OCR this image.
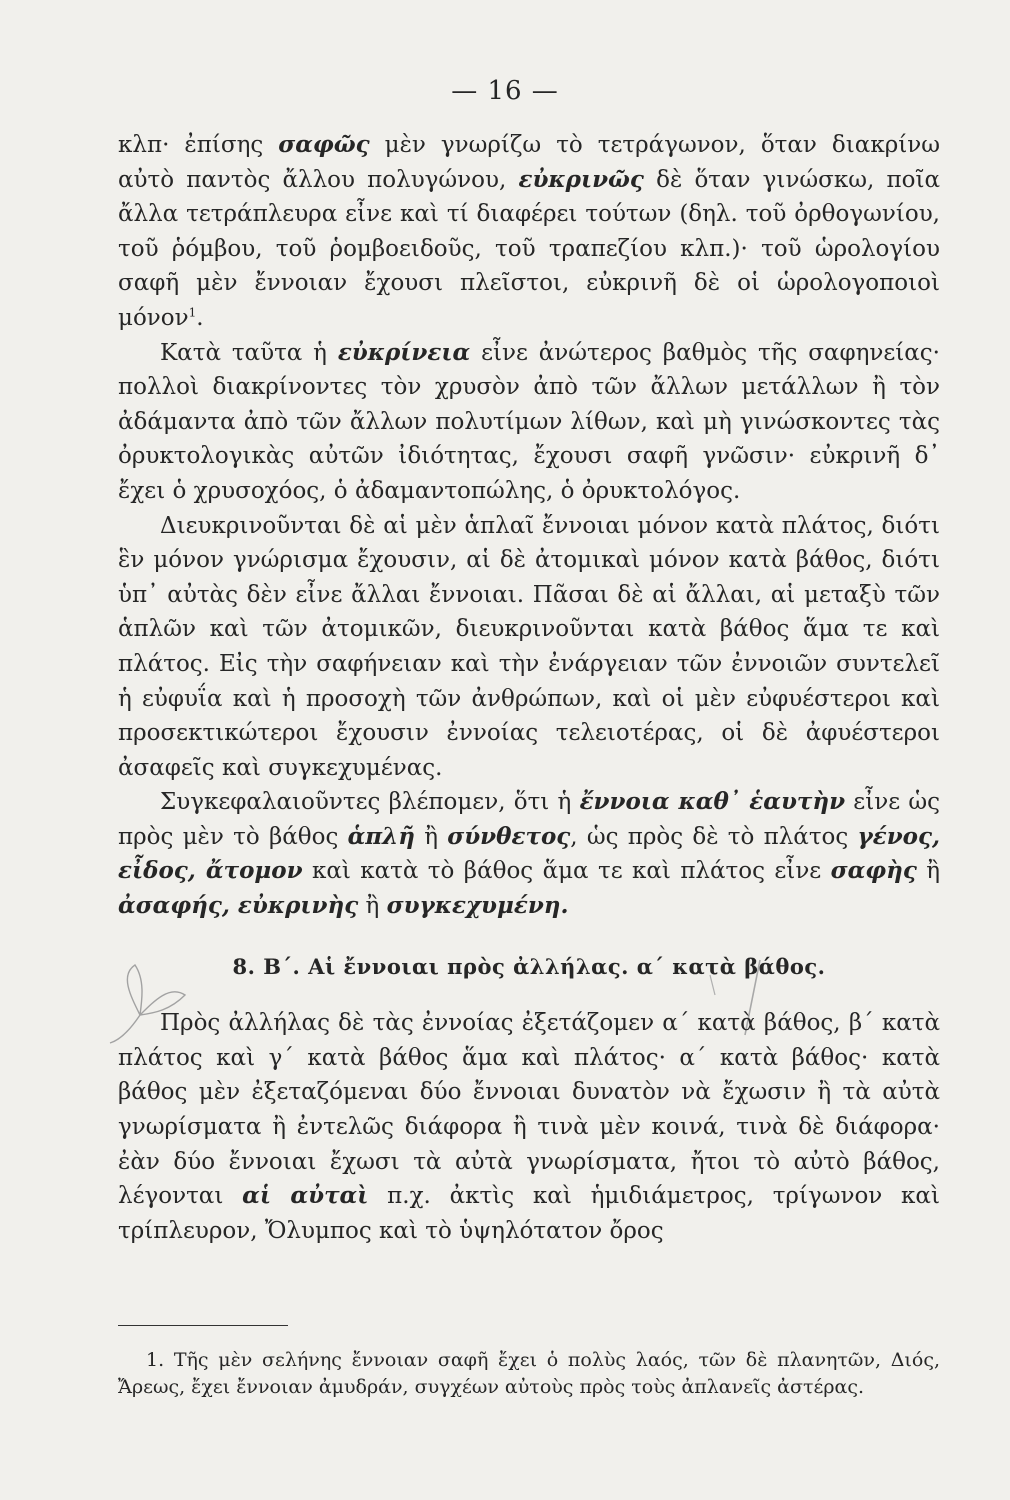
— 16 —

κλπ· ἐπίσης σαφῶς μὲν γνωρίζω τὸ τετράγωνον, ὅταν διακρίνω αὐτὸ παντὸς ἄλλου πολυγώνου, εὐκρινῶς δὲ ὅταν γινώσκω, ποῖα ἄλλα τετράπλευρα εἶνε καὶ τί διαφέρει τούτων (δηλ. τοῦ ὀρθογωνίου, τοῦ ῥόμβου, τοῦ ῥομβοειδοῦς, τοῦ τραπεζίου κλπ.)· τοῦ ὡρολογίου σαφῆ μὲν ἔννοιαν ἔχουσι πλεῖστοι, εὐκρινῆ δὲ οἱ ὡρολογοποιοὶ μόνον$^1$.

Κατὰ ταῦτα ἡ εὐκρίνεια εἶνε ἀνώτερος βαθμὸς τῆς σαφηνείας· πολλοὶ διακρίνοντες τὸν χρυσὸν ἀπὸ τῶν ἄλλων μετάλλων ἢ τὸν ἀδάμαντα ἀπὸ τῶν ἄλλων πολυτίμων λίθων, καὶ μὴ γινώσκοντες τὰς ὀρυκτολογικὰς αὐτῶν ἰδιότητας, ἔχουσι σαφῆ γνῶσιν· εὐκρινῆ δ᾽ ἔχει ὁ χρυσοχόος, ὁ ἀδαμαντοπώλης, ὁ ὀρυκτολόγος.

Διευκρινοῦνται δὲ αἱ μὲν ἁπλαῖ ἔννοιαι μόνον κατὰ πλάτος, διότι ἓν μόνον γνώρισμα ἔχουσιν, αἱ δὲ ἀτομικαὶ μόνον κατὰ βάθος, διότι ὑπ᾽ αὐτὰς δὲν εἶνε ἄλλαι ἔννοιαι. Πᾶσαι δὲ αἱ ἄλλαι, αἱ μεταξὺ τῶν ἁπλῶν καὶ τῶν ἀτομικῶν, διευκρινοῦνται κατὰ βάθος ἅμα τε καὶ πλάτος. Εἰς τὴν σαφήνειαν καὶ τὴν ἐνάργειαν τῶν ἐννοιῶν συντελεῖ ἡ εὐφυΐα καὶ ἡ προσοχὴ τῶν ἀνθρώπων, καὶ οἱ μὲν εὐφυέστεροι καὶ προσεκτικώτεροι ἔχουσιν ἐννοίας τελειοτέρας, οἱ δὲ ἀφυέστεροι ἀσαφεῖς καὶ συγκεχυμένας.

Συγκεφαλαιοῦντες βλέπομεν, ὅτι ἡ ἔννοια καθ᾽ ἑαυτὴν εἶνε ὡς πρὸς μὲν τὸ βάθος ἁπλῆ ἢ σύνθετος, ὡς πρὸς δὲ τὸ πλάτος γένος, εἶδος, ἄτομον καὶ κατὰ τὸ βάθος ἅμα τε καὶ πλάτος εἶνε σαφὴς ἢ ἀσαφής, εὐκρινὴς ἢ συγκεχυμένη.

8. Β΄. Αἱ ἔννοιαι πρὸς ἀλλήλας. α΄ κατὰ βάθος.

Πρὸς ἀλλήλας δὲ τὰς ἐννοίας ἐξετάζομεν α΄ κατὰ βάθος, β΄ κατὰ πλάτος καὶ γ΄ κατὰ βάθος ἅμα καὶ πλάτος· α΄ κατὰ βάθος· κατὰ βάθος μὲν ἐξεταζόμεναι δύο ἔννοιαι δυνατὸν νὰ ἔχωσιν ἢ τὰ αὐτὰ γνωρίσματα ἢ ἐντελῶς διάφορα ἢ τινὰ μὲν κοινά, τινὰ δὲ διάφορα· ἐὰν δύο ἔννοιαι ἔχωσι τὰ αὐτὰ γνωρίσματα, ἤτοι τὸ αὐτὸ βάθος, λέγονται αἱ αὐταὶ π.χ. ἀκτὶς καὶ ἡμιδιάμετρος, τρίγωνον καὶ τρίπλευρον, Ὄλυμπος καὶ τὸ ὑψηλότατον ὄρος

1. Τῆς μὲν σελήνης ἔννοιαν σαφῆ ἔχει ὁ πολὺς λαός, τῶν δὲ πλανητῶν, Διός, Ἄρεως, ἔχει ἔννοιαν ἀμυδράν, συγχέων αὐτοὺς πρὸς τοὺς ἀπλανεῖς ἀστέρας.
